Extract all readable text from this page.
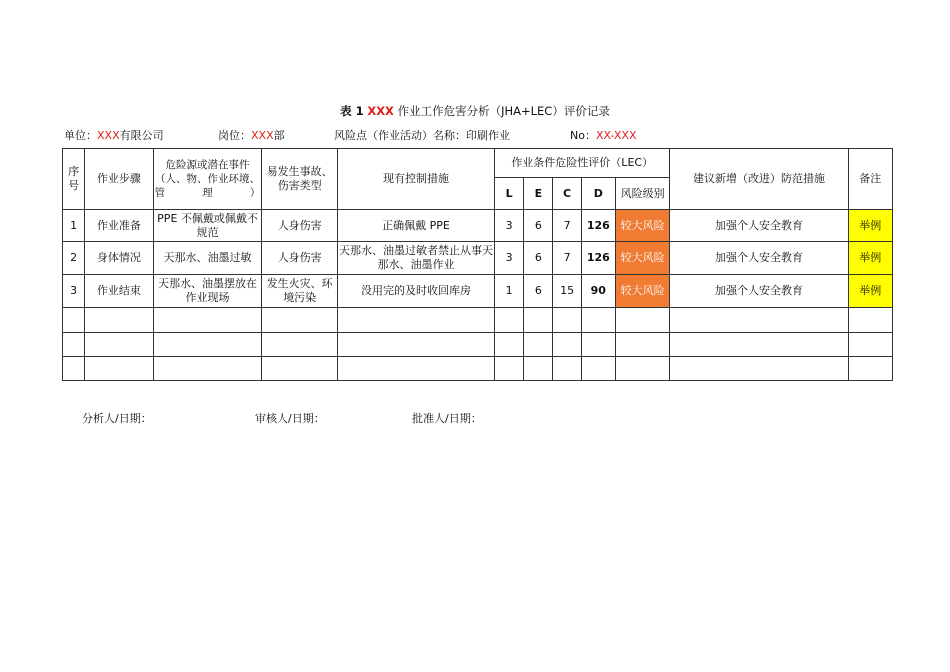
表 1 XXX 作业工作危害分析（JHA+LEC）评价记录
单位：XXX有限公司	岗位：XXX部	风险点（作业活动）名称：印刷作业	No：XX-XXX
序号	作业步骤	危险源或潜在事件（人、物、作业环境、管理）	易发生事故、伤害类型	现有控制措施	作业条件危险性评价（LEC）					建议新增（改进）防范措施	备注
					L	E	C	D	风险级别		
1	作业准备	PPE 不佩戴或佩戴不规范	人身伤害	正确佩戴 PPE	3	6	7	126	较大风险	加强个人安全教育	举例
2	身体情况	天那水、油墨过敏	人身伤害	天那水、油墨过敏者禁止从事天那水、油墨作业	3	6	7	126	较大风险	加强个人安全教育	举例
3	作业结束	天那水、油墨摆放在作业现场	发生火灾、环境污染	没用完的及时收回库房	1	6	15	90	较大风险	加强个人安全教育	举例

分析人/日期：	审核人/日期：	批准人/日期：
